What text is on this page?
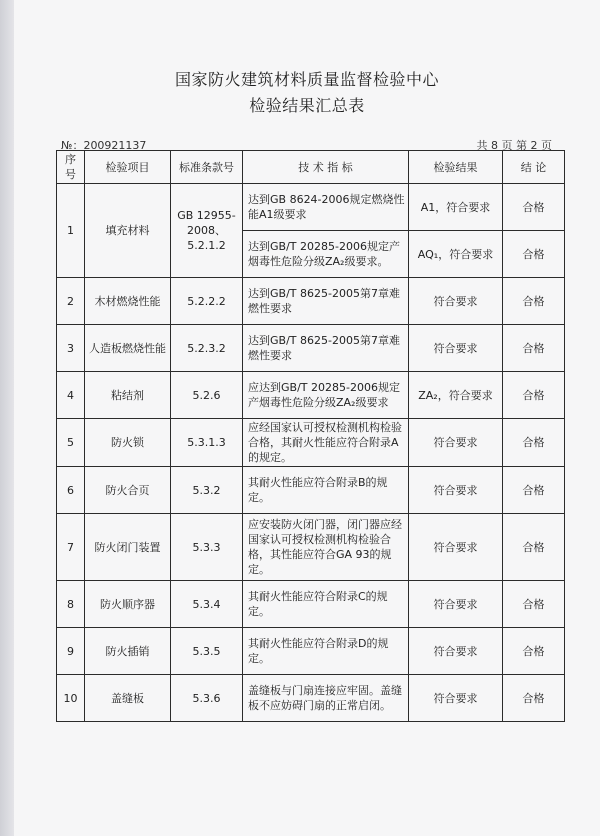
国家防火建筑材料质量监督检验中心
检验结果汇总表
№：200921137	共 8 页 第 2 页
序号	检验项目	标准条款号	技 术 指 标	检验结果	结 论
1	填充材料	GB 12955-2008、5.2.1.2	达到GB 8624-2006规定燃烧性能A1级要求	A1，符合要求	合格
			达到GB/T 20285-2006规定产烟毒性危险分级ZA₂级要求。	AQ₁，符合要求	合格
2	木材燃烧性能	5.2.2.2	达到GB/T 8625-2005第7章难燃性要求	符合要求	合格
3	人造板燃烧性能	5.2.3.2	达到GB/T 8625-2005第7章难燃性要求	符合要求	合格
4	粘结剂	5.2.6	应达到GB/T 20285-2006规定产烟毒性危险分级ZA₂级要求	ZA₂，符合要求	合格
5	防火锁	5.3.1.3	应经国家认可授权检测机构检验合格，其耐火性能应符合附录A的规定。	符合要求	合格
6	防火合页	5.3.2	其耐火性能应符合附录B的规定。	符合要求	合格
7	防火闭门装置	5.3.3	应安装防火闭门器，闭门器应经国家认可授权检测机构检验合格，其性能应符合GA 93的规定。	符合要求	合格
8	防火顺序器	5.3.4	其耐火性能应符合附录C的规定。	符合要求	合格
9	防火插销	5.3.5	其耐火性能应符合附录D的规定。	符合要求	合格
10	盖缝板	5.3.6	盖缝板与门扇连接应牢固。盖缝板不应妨碍门扇的正常启闭。	符合要求	合格
